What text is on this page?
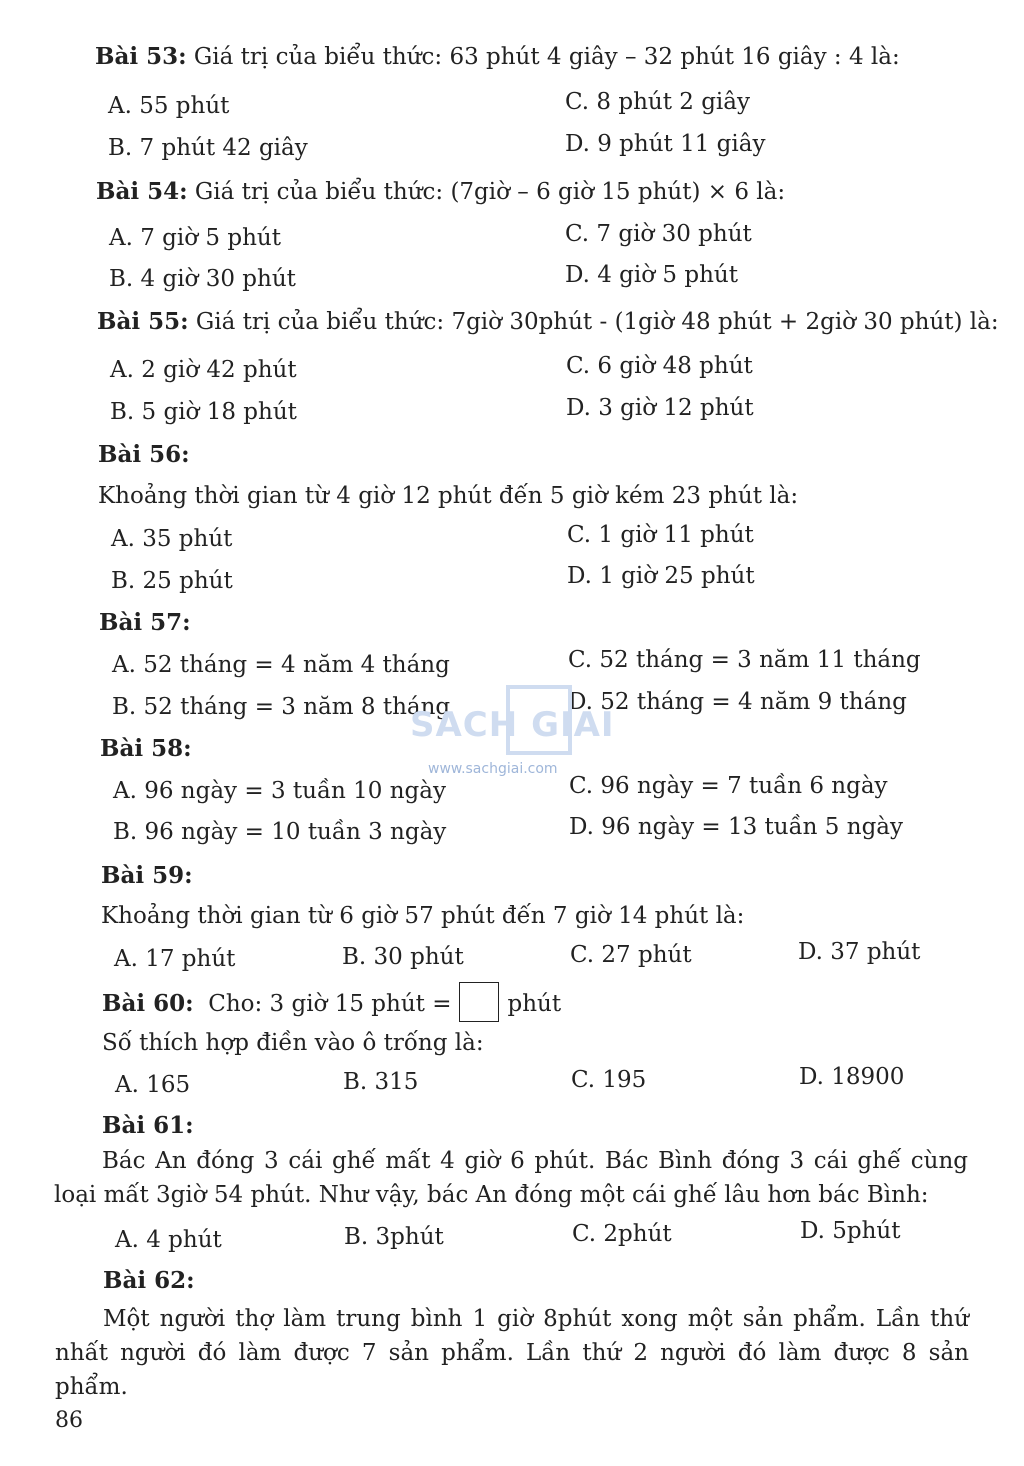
Bài 53: Giá trị của biểu thức: 63 phút 4 giây – 32 phút 16 giây : 4 là:
A. 55 phút	C. 8 phút 2 giây
B. 7 phút 42 giây	D. 9 phút 11 giây
Bài 54: Giá trị của biểu thức: (7giờ – 6 giờ 15 phút) × 6 là:
A. 7 giờ 5 phút	C. 7 giờ 30 phút
B. 4 giờ 30 phút	D. 4 giờ 5 phút
Bài 55: Giá trị của biểu thức: 7giờ 30phút - (1giờ 48 phút + 2giờ 30 phút) là:
A. 2 giờ 42 phút	C. 6 giờ 48 phút
B. 5 giờ 18 phút	D. 3 giờ 12 phút
Bài 56:
Khoảng thời gian từ 4 giờ 12 phút đến 5 giờ kém 23 phút là:
A. 35 phút	C. 1 giờ 11 phút
B. 25 phút	D. 1 giờ 25 phút
Bài 57:
A. 52 tháng = 4 năm 4 tháng	C. 52 tháng = 3 năm 11 tháng
B. 52 tháng = 3 năm 8 tháng	D. 52 tháng = 4 năm 9 tháng
SACH GIAI
www.sachgiai.com
Bài 58:
A. 96 ngày = 3 tuần 10 ngày	C. 96 ngày = 7 tuần 6 ngày
B. 96 ngày = 10 tuần 3 ngày	D. 96 ngày = 13 tuần 5 ngày
Bài 59:
Khoảng thời gian từ 6 giờ 57 phút đến 7 giờ 14 phút là:
A. 17 phút	B. 30 phút	C. 27 phút	D. 37 phút
Bài 60: Cho: 3 giờ 15 phút = phút
Số thích hợp điền vào ô trống là:
A. 165	B. 315	C. 195	D. 18900
Bài 61:
Bác An đóng 3 cái ghế mất 4 giờ 6 phút. Bác Bình đóng 3 cái ghế cùng loại mất 3giờ 54 phút. Như vậy, bác An đóng một cái ghế lâu hơn bác Bình:
A. 4 phút	B. 3phút	C. 2phút	D. 5phút
Bài 62:
Một người thợ làm trung bình 1 giờ 8phút xong một sản phẩm. Lần thứ nhất người đó làm được 7 sản phẩm. Lần thứ 2 người đó làm được 8 sản phẩm.
86
